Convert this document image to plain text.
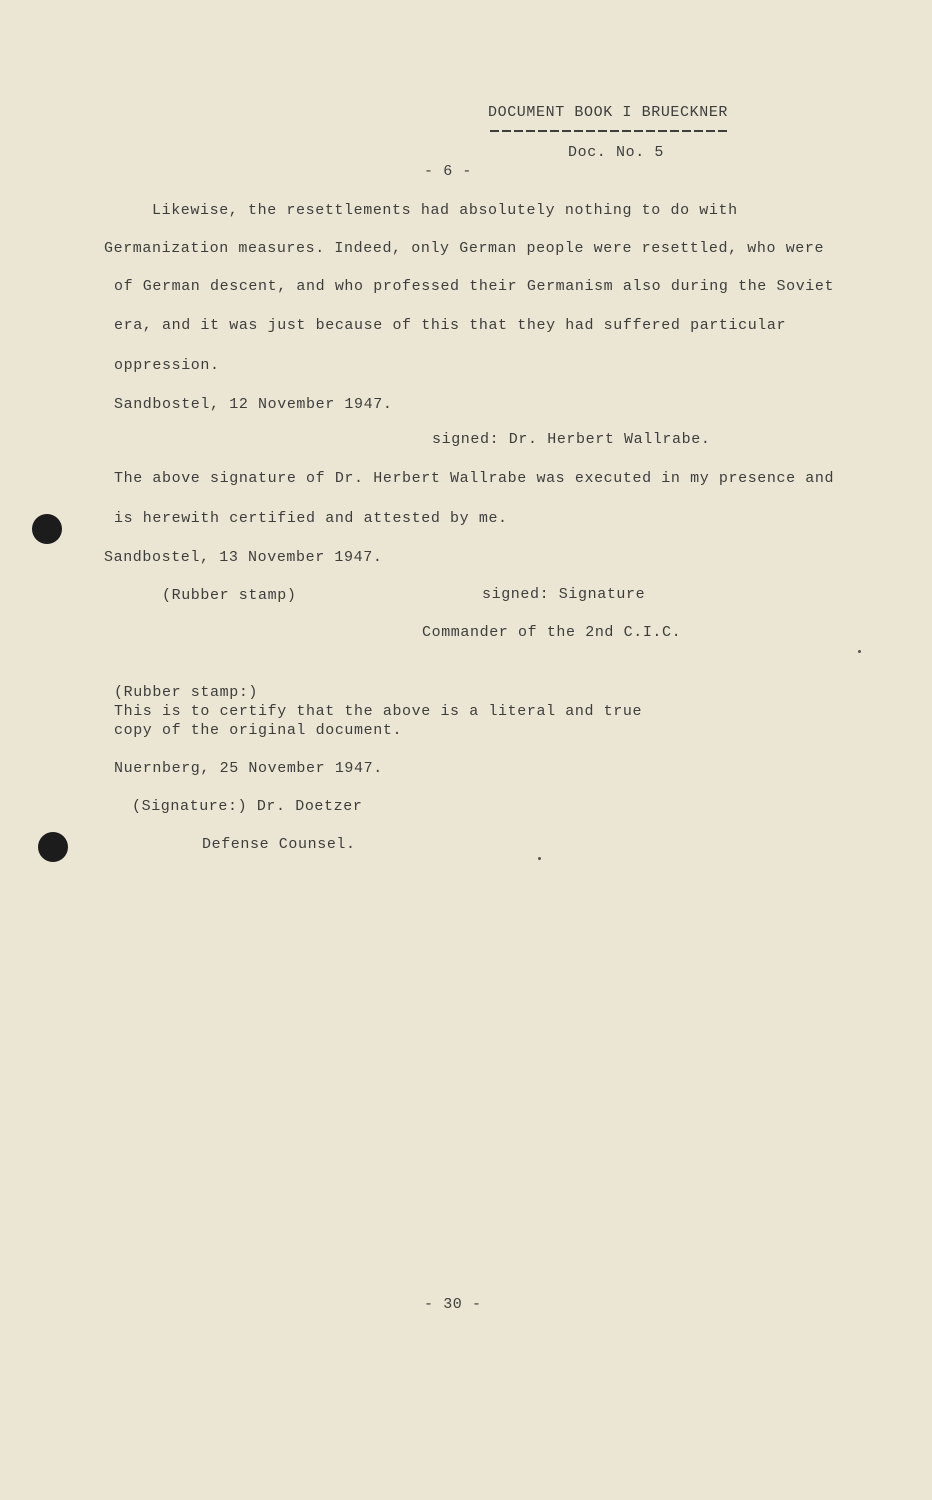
DOCUMENT BOOK I BRUECKNER
Doc. No. 5
- 6 -
Likewise, the resettlements had absolutely nothing to do with
Germanization measures. Indeed, only German people were resettled, who were
of German descent, and who professed their Germanism also during the Soviet
era, and it was just because of this that they had suffered particular
oppression.
Sandbostel, 12 November 1947.
signed: Dr. Herbert Wallrabe.
The above signature of Dr. Herbert Wallrabe was executed in my presence and
is herewith certified and attested by me.
Sandbostel, 13 November 1947.
(Rubber stamp)	signed: Signature
Commander of the 2nd C.I.C.
(Rubber stamp:)
This is to certify that the above is a literal and true
copy of the original document.
Nuernberg, 25 November 1947.
(Signature:) Dr. Doetzer
Defense Counsel.
- 30 -
